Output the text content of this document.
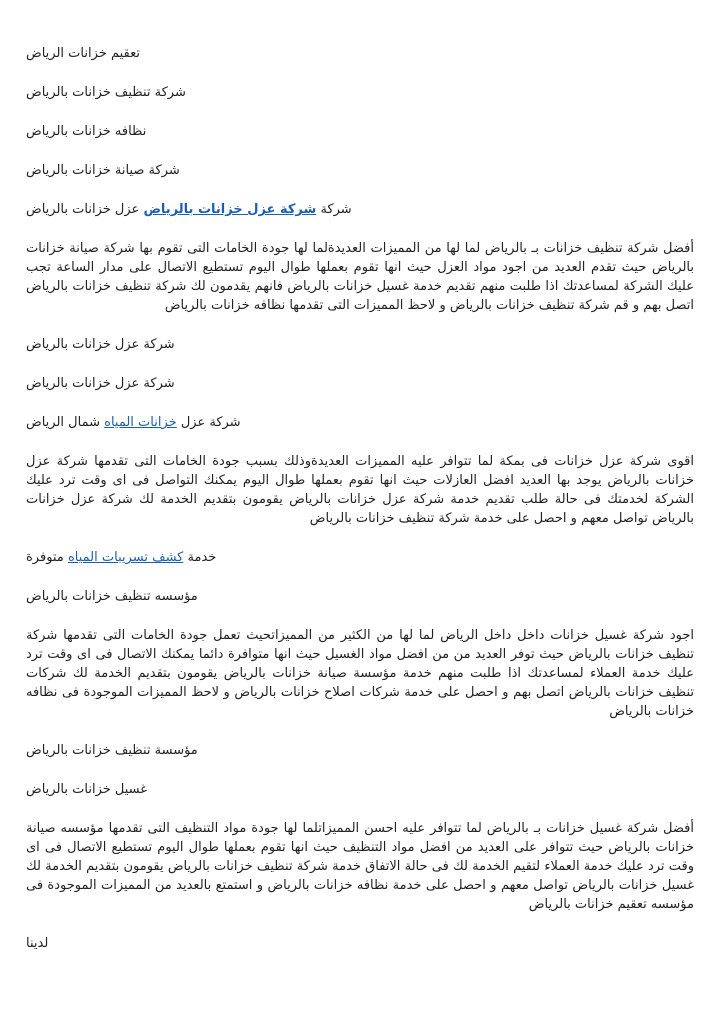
تعقيم خزانات الرياض

شركة تنظيف خزانات بالرياض

نظافه خزانات بالرياض

شركة صيانة خزانات بالرياض

شركة شركة عزل خزانات بالرياض عزل خزانات بالرياض

أفضل شركة تنظيف خزانات بـ بالرياض لما لها من المميزات العديدةلما لها جودة الخامات التى تقوم بها شركة صيانة خزانات بالرياض حيث تقدم العديد من اجود مواد العزل حيث انها تقوم بعملها طوال اليوم تستطيع الاتصال على مدار الساعة تجب عليك الشركة لمساعدتك اذا طلبت منهم تقديم خدمة غسيل خزانات بالرياض فانهم يقدمون لك شركة تنظيف خزانات بالرياض اتصل بهم و قم شركة تنظيف خزانات بالرياض و لاحظ المميزات التى تقدمها نظافه خزانات بالرياض

شركة عزل خزانات بالرياض

شركة عزل خزانات بالرياض

شركة عزل خزانات المياه شمال الرياض

اقوى شركة عزل خزانات فى بمكة لما تتوافر عليه المميزات العديدةوذلك بسبب جودة الخامات التى تقدمها شركة عزل خزانات بالرياض يوجد بها العديد افضل العازلات حيث انها تقوم بعملها طوال اليوم يمكنك التواصل فى اى وقت ترد عليك الشركة لخدمتك فى حالة طلب تقديم خدمة شركة عزل خزانات بالرياض يقومون بتقديم الخدمة لك شركة عزل خزانات بالرياض تواصل معهم و احصل على خدمة شركة تنظيف خزانات بالرياض

خدمة كشف تسريبات المياه متوفرة

مؤسسه تنظيف خزانات بالرياض

اجود شركة غسيل خزانات داخل داخل الرياض لما لها من الكثير من المميزاتحيث تعمل جودة الخامات التى تقدمها شركة تنظيف خزانات بالرياض حيث توفر العديد من من افضل مواد الغسيل حيث انها متوافرة دائما يمكنك الاتصال فى اى وقت ترد عليك خدمة العملاء لمساعدتك اذا طلبت منهم خدمة مؤسسة صيانة خزانات بالرياض يقومون بتقديم الخدمة لك شركات تنظيف خزانات بالرياض اتصل بهم و احصل على خدمة شركات اصلاح خزانات بالرياض و لاحظ المميزات الموجودة فى نظافه خزانات بالرياض

مؤسسة تنظيف خزانات بالرياض

غسيل خزانات بالرياض

أفضل شركة غسيل خزانات بـ بالرياض لما تتوافر عليه احسن المميزاتلما لها جودة مواد التنظيف التى تقدمها مؤسسه صيانة خزانات بالرياض حيث تتوافر على العديد من افضل مواد التنظيف حيث انها تقوم بعملها طوال اليوم تستطيع الاتصال فى اى وقت ترد عليك خدمة العملاء لتقيم الخدمة لك فى حالة الاتفاق خدمة شركة تنظيف خزانات بالرياض يقومون بتقديم الخدمة لك غسيل خزانات بالرياض تواصل معهم و احصل على خدمة نظافه خزانات بالرياض و استمتع بالعديد من المميزات الموجودة فى مؤسسه تعقيم خزانات بالرياض

لدينا
